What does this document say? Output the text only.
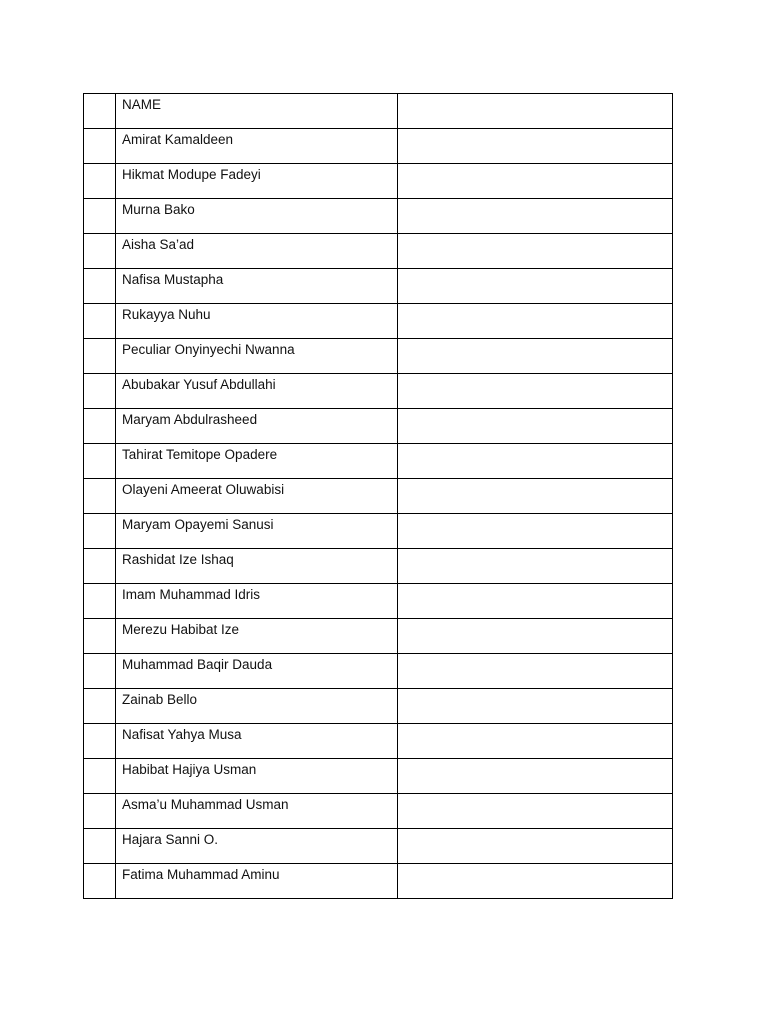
	NAME	

	Amirat Kamaldeen	

	Hikmat Modupe Fadeyi	

	Murna Bako	

	Aisha Sa’ad	

	Nafisa Mustapha	

	Rukayya Nuhu	

	Peculiar Onyinyechi Nwanna	

	Abubakar Yusuf Abdullahi	

	Maryam Abdulrasheed	

	Tahirat Temitope Opadere	

	Olayeni Ameerat Oluwabisi	

	Maryam Opayemi Sanusi	

	Rashidat Ize Ishaq	

	Imam Muhammad Idris	

	Merezu Habibat Ize	

	Muhammad Baqir Dauda	

	Zainab Bello	

	Nafisat Yahya Musa	

	Habibat Hajiya Usman	

	Asma’u Muhammad Usman	

	Hajara Sanni O.	

	Fatima Muhammad Aminu	
